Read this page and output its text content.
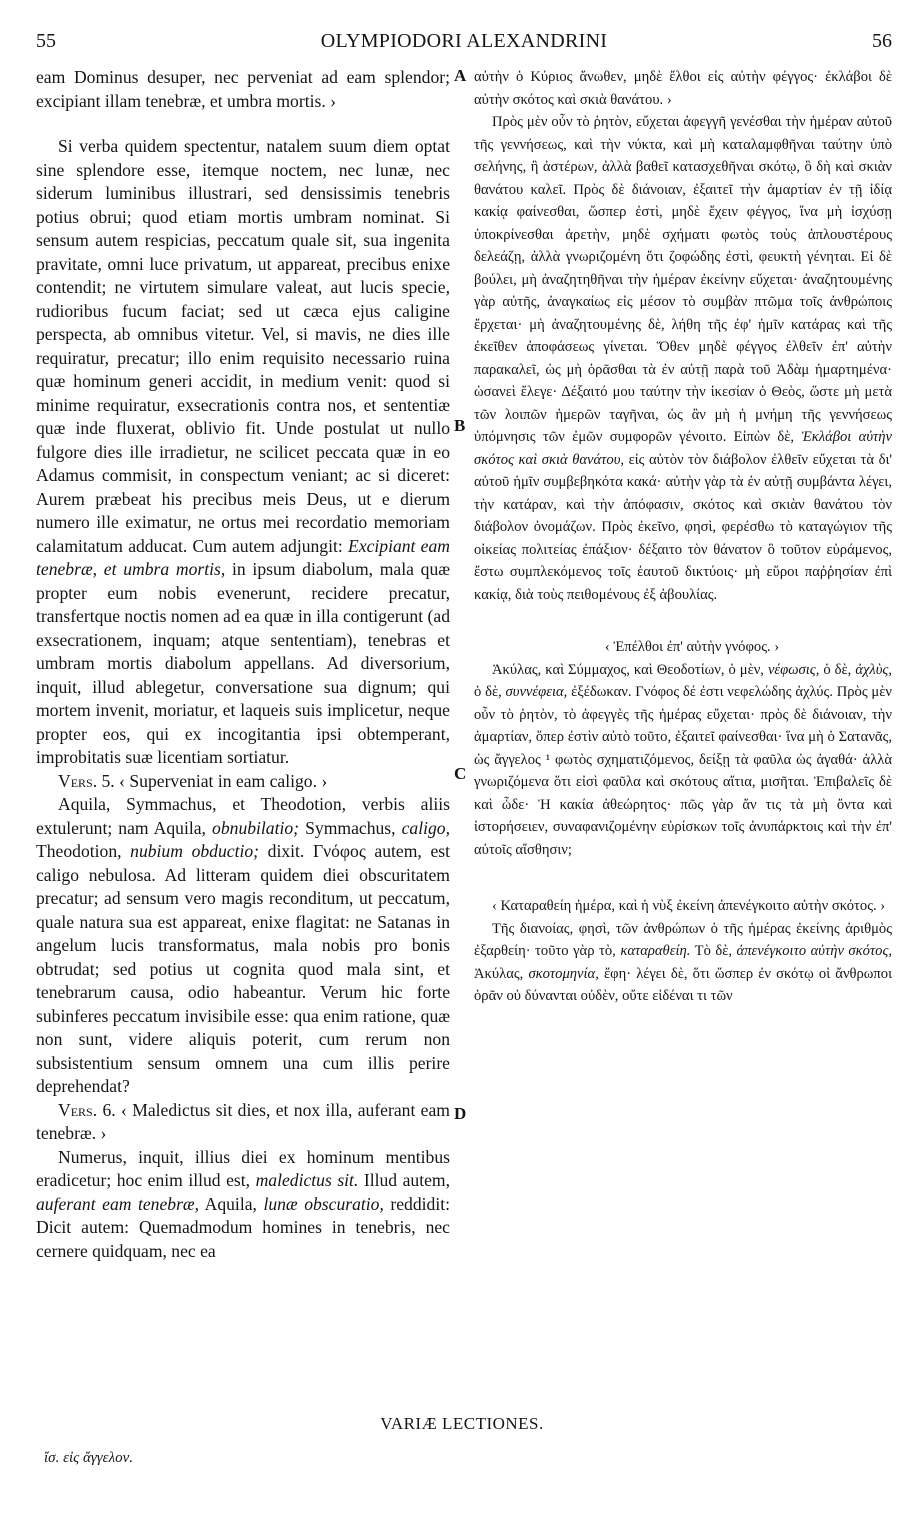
55	OLYMPIODORI ALEXANDRINI	56
A
B
C
D

eam Dominus desuper, nec perveniat ad eam splendor; excipiant illam tenebræ, et umbra mortis. ›

Si verba quidem spectentur, natalem suum diem optat sine splendore esse, itemque noctem, nec lunæ, nec siderum luminibus illustrari, sed densissimis tenebris potius obrui; quod etiam mortis umbram nominat. Si sensum autem respicias, peccatum quale sit, sua ingenita pravitate, omni luce privatum, ut appareat, precibus enixe contendit; ne virtutem simulare valeat, aut lucis specie, rudioribus fucum faciat; sed ut cæca ejus caligine perspecta, ab omnibus vitetur. Vel, si mavis, ne dies ille requiratur, precatur; illo enim requisito necessario ruina quæ hominum generi accidit, in medium venit: quod si minime requiratur, exsecrationis contra nos, et sententiæ quæ inde fluxerat, oblivio fit. Unde postulat ut nullo fulgore dies ille irradietur, ne scilicet peccata quæ in eo Adamus commisit, in conspectum veniant; ac si diceret: Aurem præbeat his precibus meis Deus, ut e dierum numero ille eximatur, ne ortus mei recordatio memoriam calamitatum adducat. Cum autem adjungit: Excipiant eam tenebræ, et umbra mortis, in ipsum diabolum, mala quæ propter eum nobis evenerunt, recidere precatur, transfertque noctis nomen ad ea quæ in illa contigerunt (ad exsecrationem, inquam; atque sententiam), tenebras et umbram mortis diabolum appellans. Ad diversorium, inquit, illud ablegetur, conversatione sua dignum; qui mortem invenit, moriatur, et laqueis suis implicetur, neque propter eos, qui ex incogitantia ipsi obtemperant, improbitatis suæ licentiam sortiatur.

Vers. 5. ‹ Superveniat in eam caligo. ›

Aquila, Symmachus, et Theodotion, verbis aliis extulerunt; nam Aquila, obnubilatio; Symmachus, caligo, Theodotion, nubium obductio; dixit. Γνόφος autem, est caligo nebulosa. Ad litteram quidem diei obscuritatem precatur; ad sensum vero magis reconditum, ut peccatum, quale natura sua est appareat, enixe flagitat: ne Satanas in angelum lucis transformatus, mala nobis pro bonis obtrudat; sed potius ut cognita quod mala sint, et tenebrarum causa, odio habeantur. Verum hic forte subinferes peccatum invisibile esse: qua enim ratione, quæ non sunt, videre aliquis poterit, cum rerum non subsistentium sensum omnem una cum illis perire deprehendat?

Vers. 6. ‹ Maledictus sit dies, et nox illa, auferant eam tenebræ. ›

Numerus, inquit, illius diei ex hominum mentibus eradicetur; hoc enim illud est, maledictus sit. Illud autem, auferant eam tenebræ, Aquila, lunæ obscuratio, reddidit: Dicit autem: Quemadmodum homines in tenebris, nec cernere quidquam, nec ea

αὐτὴν ὁ Κύριος ἄνωθεν, μηδὲ ἔλθοι εἰς αὐτὴν φέγγος· ἐκλάβοι δὲ αὐτὴν σκότος καὶ σκιὰ θανάτου. ›

Πρὸς μὲν οὖν τὸ ῥητὸν, εὔχεται ἀφεγγῆ γενέσθαι τὴν ἡμέραν αὐτοῦ τῆς γεννήσεως, καὶ τὴν νύκτα, καὶ μὴ καταλαμφθῆναι ταύτην ὑπὸ σελήνης, ἢ ἀστέρων, ἀλλὰ βαθεῖ κατασχεθῆναι σκότῳ, ὃ δὴ καὶ σκιὰν θανάτου καλεῖ. Πρὸς δὲ διάνοιαν, ἐξαιτεῖ τὴν ἁμαρτίαν ἐν τῇ ἰδίᾳ κακίᾳ φαίνεσθαι, ὥσπερ ἐστὶ, μηδὲ ἔχειν φέγγος, ἵνα μὴ ἰσχύσῃ ὑποκρίνεσθαι ἀρετὴν, μηδὲ σχήματι φωτὸς τοὺς ἁπλουστέρους δελεάζῃ, ἀλλὰ γνωριζομένη ὅτι ζοφώδης ἐστὶ, φευκτὴ γένηται. Εἰ δὲ βούλει, μὴ ἀναζητηθῆναι τὴν ἡμέραν ἐκείνην εὔχεται· ἀναζητουμένης γὰρ αὐτῆς, ἀναγκαίως εἰς μέσον τὸ συμβὰν πτῶμα τοῖς ἀνθρώποις ἔρχεται· μὴ ἀναζητουμένης δὲ, λήθη τῆς ἐφ' ἡμῖν κατάρας καὶ τῆς ἐκεῖθεν ἀποφάσεως γίνεται. Ὅθεν μηδὲ φέγγος ἐλθεῖν ἐπ' αὐτὴν παρακαλεῖ, ὡς μὴ ὁρᾶσθαι τὰ ἐν αὐτῇ παρὰ τοῦ Ἀδὰμ ἡμαρτημένα· ὡσανεὶ ἔλεγε· Δέξαιτό μου ταύτην τὴν ἱκεσίαν ὁ Θεὸς, ὥστε μὴ μετὰ τῶν λοιπῶν ἡμερῶν ταγῆναι, ὡς ἂν μὴ ἡ μνήμη τῆς γεννήσεως ὑπόμνησις τῶν ἐμῶν συμφορῶν γένοιτο. Εἰπὼν δὲ, Ἐκλάβοι αὐτὴν σκότος καὶ σκιὰ θανάτου, εἰς αὐτὸν τὸν διάβολον ἐλθεῖν εὔχεται τὰ δι' αὐτοῦ ἡμῖν συμβεβηκότα κακά· αὐτὴν γὰρ τὰ ἐν αὐτῇ συμβάντα λέγει, τὴν κατάραν, καὶ τὴν ἀπόφασιν, σκότος καὶ σκιὰν θανάτου τὸν διάβολον ὀνομάζων. Πρὸς ἐκεῖνο, φησὶ, φερέσθω τὸ καταγώγιον τῆς οἰκείας πολιτείας ἐπάξιον· δέξαιτο τὸν θάνατον ὃ τοῦτον εὑράμενος, ἔστω συμπλεκόμενος τοῖς ἑαυτοῦ δικτύοις· μὴ εὕροι παῤῥησίαν ἐπὶ κακίᾳ, διὰ τοὺς πειθομένους ἐξ ἀβουλίας.

‹ Ἐπέλθοι ἐπ' αὐτὴν γνόφος. ›

Ἀκύλας, καὶ Σύμμαχος, καὶ Θεοδοτίων, ὁ μὲν, νέφωσις, ὁ δὲ, ἀχλὺς, ὁ δὲ, συννέφεια, ἐξέδωκαν. Γνόφος δέ ἐστι νεφελώδης ἀχλύς. Πρὸς μὲν οὖν τὸ ῥητὸν, τὸ ἀφεγγὲς τῆς ἡμέρας εὔχεται· πρὸς δὲ διάνοιαν, τὴν ἁμαρτίαν, ὅπερ ἐστὶν αὐτὸ τοῦτο, ἐξαιτεῖ φαίνεσθαι· ἵνα μὴ ὁ Σατανᾶς, ὡς ἄγγελος ¹ φωτὸς σχηματιζόμενος, δείξῃ τὰ φαῦλα ὡς ἀγαθά· ἀλλὰ γνωριζόμενα ὅτι εἰσὶ φαῦλα καὶ σκότους αἴτια, μισῆται. Ἐπιβαλεῖς δὲ καὶ ὧδε· Ἡ κακία ἀθεώρητος· πῶς γὰρ ἄν τις τὰ μὴ ὄντα καὶ ἱστορήσειεν, συναφανιζομένην εὑρίσκων τοῖς ἀνυπάρκτοις καὶ τὴν ἐπ' αὐτοῖς αἴσθησιν;

‹ Καταραθείη ἡμέρα, καὶ ἡ νὺξ ἐκείνη ἀπενέγκοιτο αὐτὴν σκότος. ›

Τῆς διανοίας, φησὶ, τῶν ἀνθρώπων ὁ τῆς ἡμέρας ἐκείνης ἀριθμὸς ἐξαρθείη· τοῦτο γὰρ τὸ, καταραθείη. Τὸ δὲ, ἀπενέγκοιτο αὐτὴν σκότος, Ἀκύλας, σκοτομηνία, ἔφη· λέγει δὲ, ὅτι ὥσπερ ἐν σκότῳ οἱ ἄνθρωποι ὁρᾶν οὐ δύνανται οὐδὲν, οὔτε εἰδέναι τι τῶν

VARIÆ LECTIONES.
ἴσ. εἰς ἄγγελον.
